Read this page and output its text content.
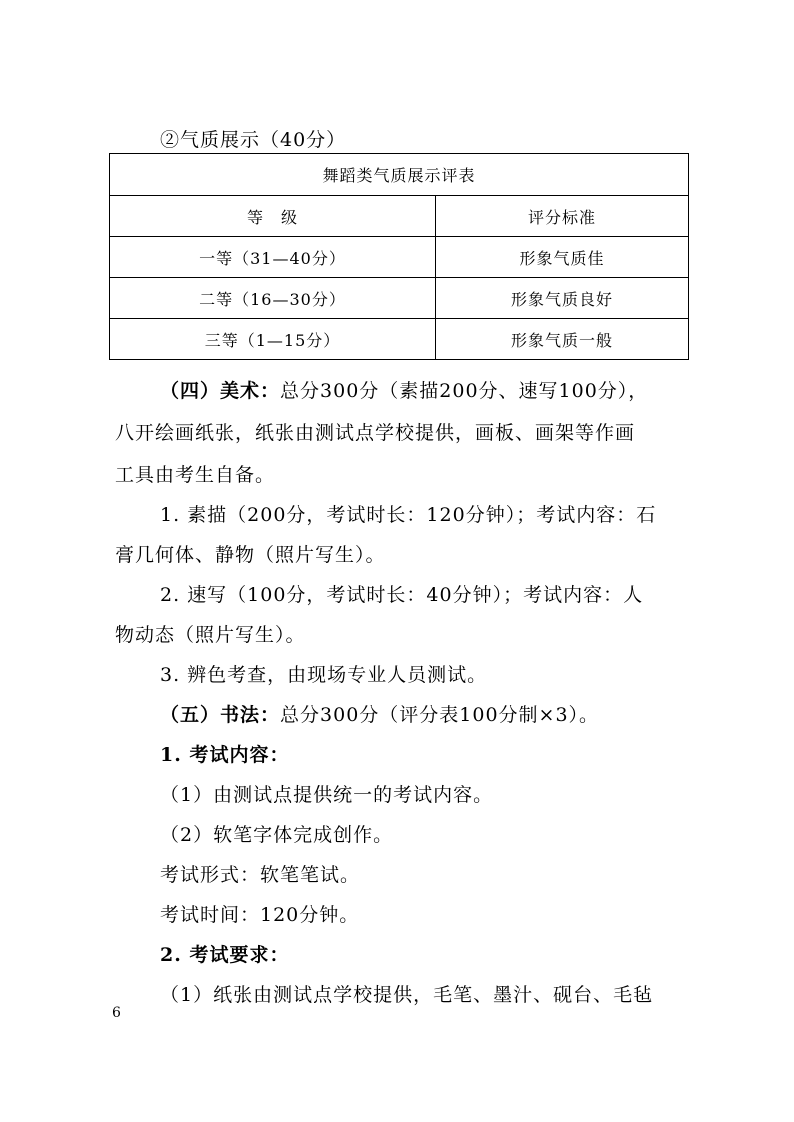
②气质展示（40分）
舞蹈类气质展示评表	
等　级	评分标准
一等（31—40分）	形象气质佳
二等（16—30分）	形象气质良好
三等（1—15分）	形象气质一般
（四）美术：总分300分（素描200分、速写100分），
八开绘画纸张，纸张由测试点学校提供，画板、画架等作画
工具由考生自备。
1. 素描（200分，考试时长：120分钟）；考试内容：石
膏几何体、静物（照片写生）。
2. 速写（100分，考试时长：40分钟）；考试内容：人
物动态（照片写生）。
3. 辨色考查，由现场专业人员测试。
（五）书法：总分300分（评分表100分制×3）。
1. 考试内容：
（1）由测试点提供统一的考试内容。
（2）软笔字体完成创作。
考试形式：软笔笔试。
考试时间：120分钟。
2. 考试要求：
（1）纸张由测试点学校提供，毛笔、墨汁、砚台、毛毡
6
